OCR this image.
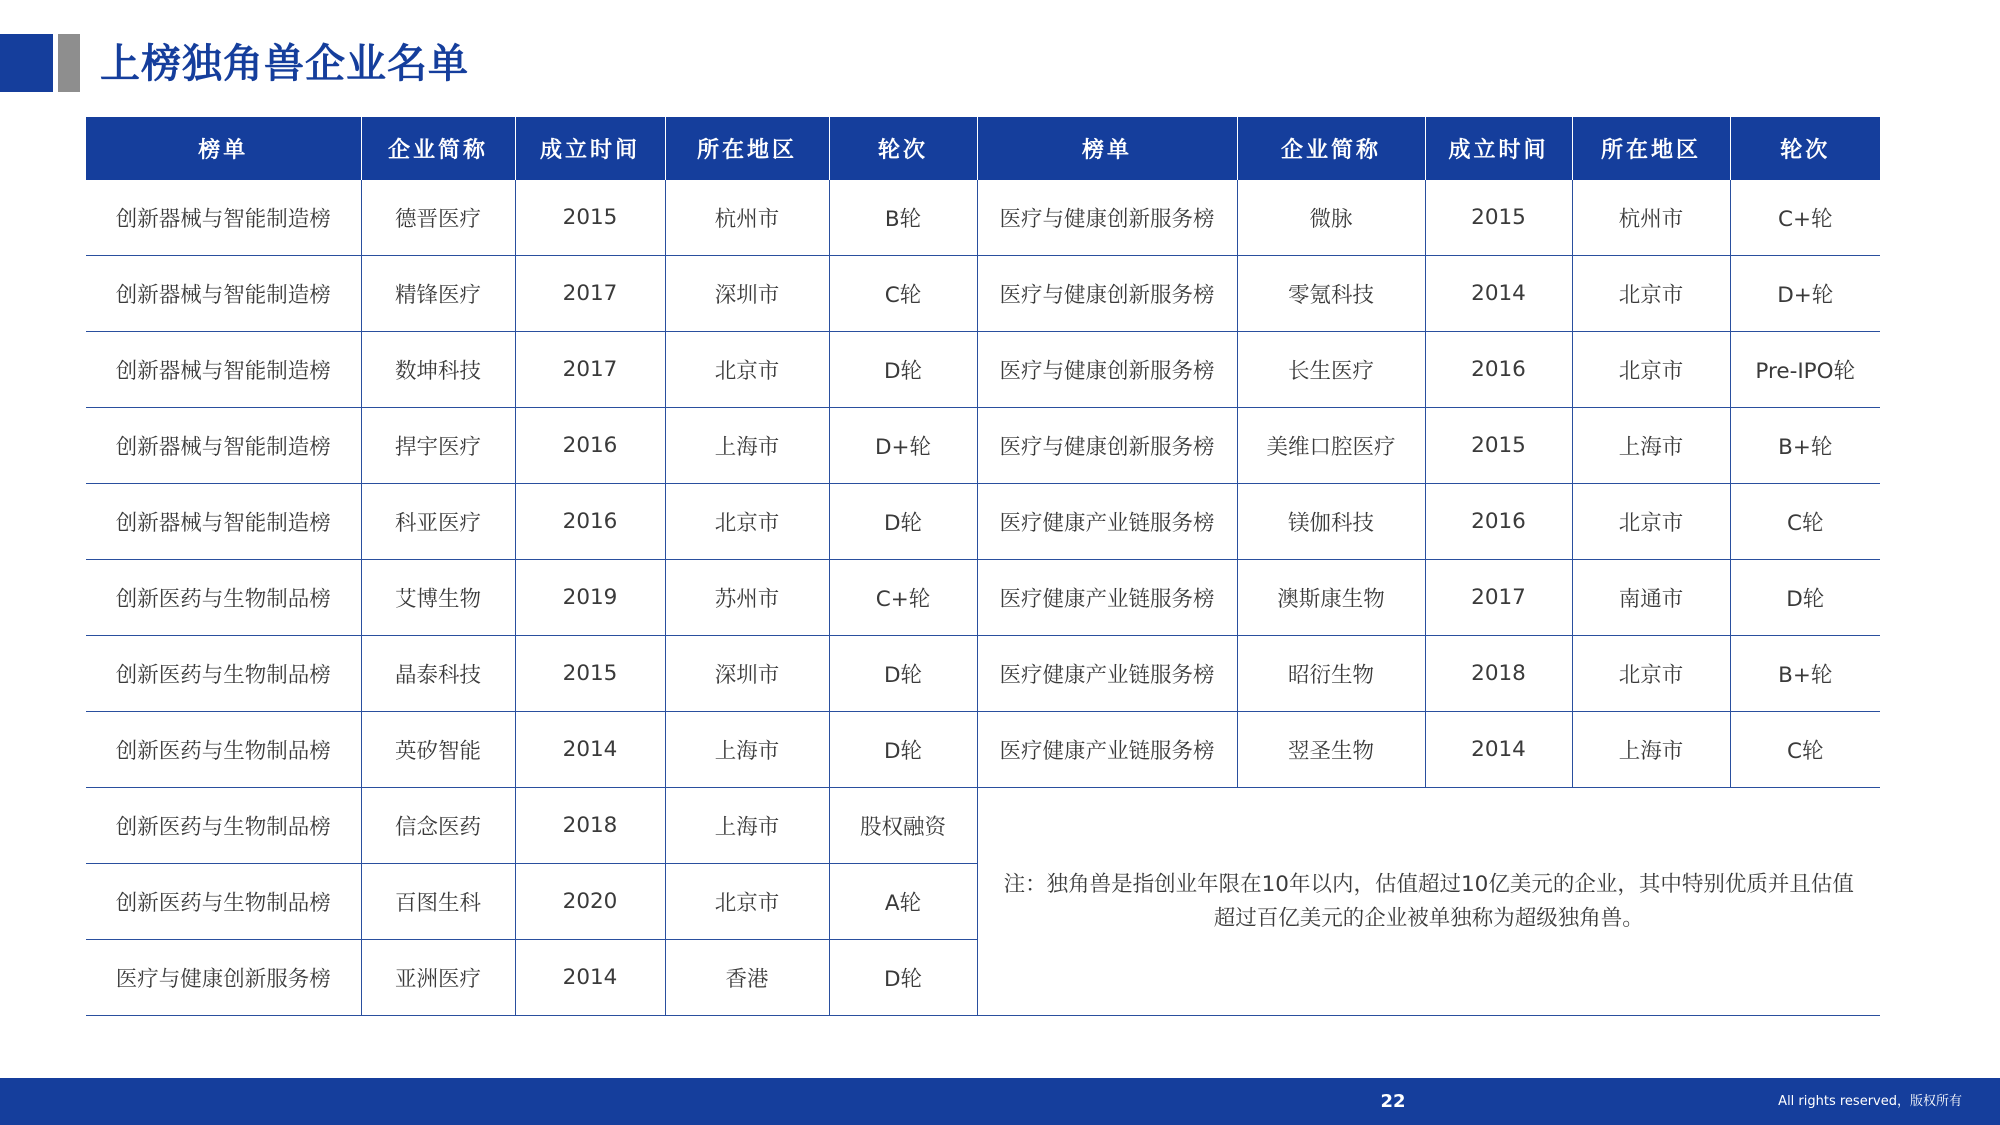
上榜独角兽企业名单
榜单	企业简称	成立时间	所在地区	轮次	榜单	企业简称	成立时间	所在地区	轮次
创新器械与智能制造榜	德晋医疗	2015	杭州市	B轮	医疗与健康创新服务榜	微脉	2015	杭州市	C+轮
创新器械与智能制造榜	精锋医疗	2017	深圳市	C轮	医疗与健康创新服务榜	零氪科技	2014	北京市	D+轮
创新器械与智能制造榜	数坤科技	2017	北京市	D轮	医疗与健康创新服务榜	长生医疗	2016	北京市	Pre-IPO轮
创新器械与智能制造榜	捍宇医疗	2016	上海市	D+轮	医疗与健康创新服务榜	美维口腔医疗	2015	上海市	B+轮
创新器械与智能制造榜	科亚医疗	2016	北京市	D轮	医疗健康产业链服务榜	镁伽科技	2016	北京市	C轮
创新医药与生物制品榜	艾博生物	2019	苏州市	C+轮	医疗健康产业链服务榜	澳斯康生物	2017	南通市	D轮
创新医药与生物制品榜	晶泰科技	2015	深圳市	D轮	医疗健康产业链服务榜	昭衍生物	2018	北京市	B+轮
创新医药与生物制品榜	英矽智能	2014	上海市	D轮	医疗健康产业链服务榜	翌圣生物	2014	上海市	C轮
创新医药与生物制品榜	信念医药	2018	上海市	股权融资	注：独角兽是指创业年限在10年以内，估值超过10亿美元的企业，其中特别优质并且估值超过百亿美元的企业被单独称为超级独角兽。				
创新医药与生物制品榜	百图生科	2020	北京市	A轮					
医疗与健康创新服务榜	亚洲医疗	2014	香港	D轮					
22	All rights reserved，版权所有
